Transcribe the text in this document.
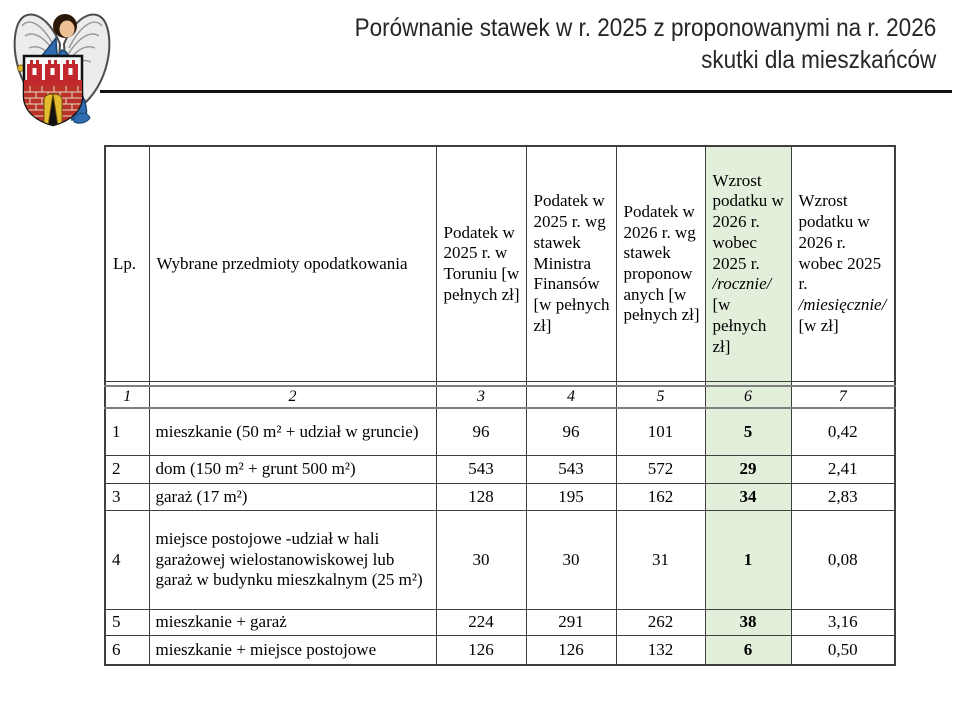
Porównanie stawek w r. 2025 z proponowanymi na r. 2026
skutki dla mieszkańców
Lp.	Wybrane przedmioty opodatkowania	Podatek w 2025 r. w Toruniu [w pełnych zł]	Podatek w 2025 r. wg stawek Ministra Finansów [w pełnych zł]	Podatek w 2026 r. wg stawek proponowanych [w pełnych zł]	Wzrost podatku w 2026 r. wobec 2025 r. /rocznie/ [w pełnych zł]	Wzrost podatku w 2026 r. wobec 2025 r. /miesięcznie/ [w zł]

1	2	3	4	5	6	7
1	mieszkanie (50 m² + udział w gruncie)	96	96	101	5	0,42
2	dom (150 m² + grunt 500 m²)	543	543	572	29	2,41
3	garaż (17 m²)	128	195	162	34	2,83
4	miejsce postojowe -udział w hali garażowej wielostanowiskowej lub garaż w budynku mieszkalnym (25 m²)	30	30	31	1	0,08
5	mieszkanie + garaż	224	291	262	38	3,16
6	mieszkanie + miejsce postojowe	126	126	132	6	0,50
